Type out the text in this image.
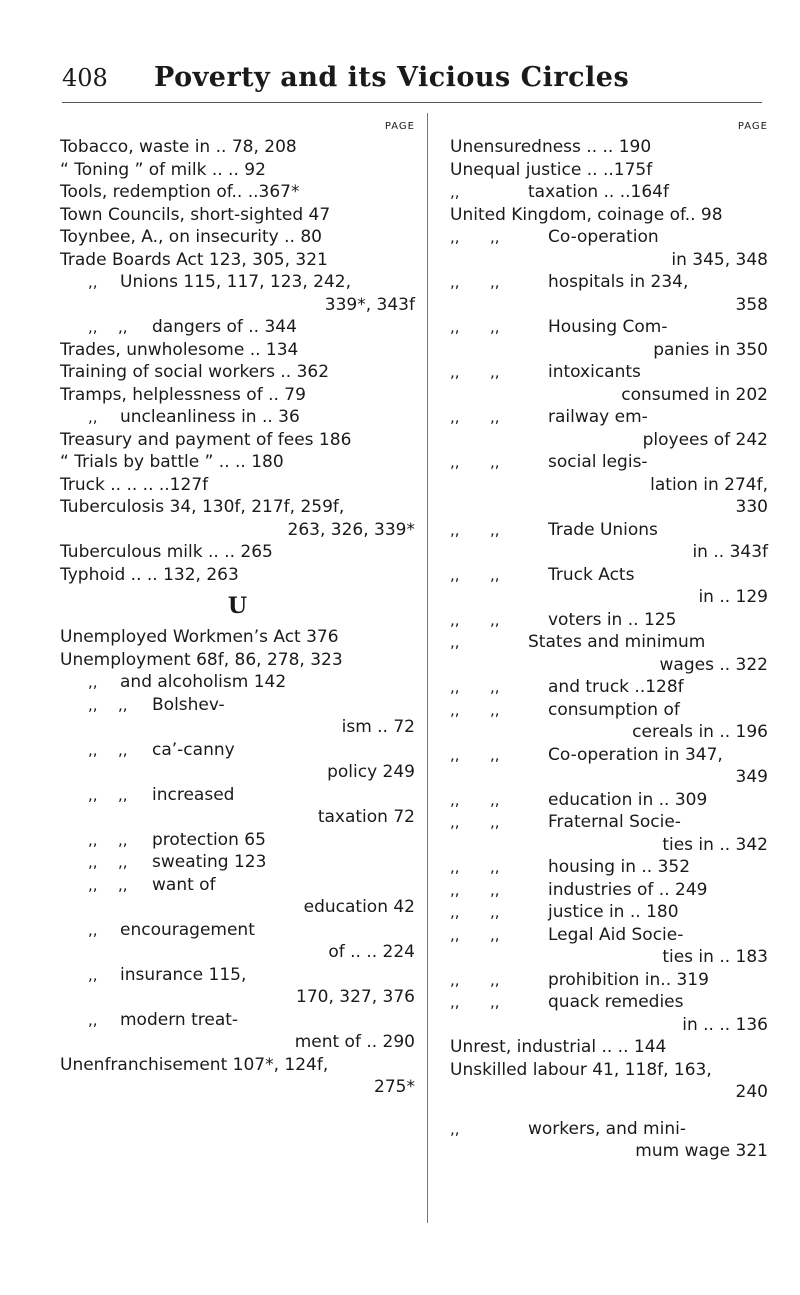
408 Poverty and its Vicious Circles
PAGE
Tobacco, waste in .. 78, 208
“ Toning ” of milk .. .. 92
Tools, redemption of.. ..367*
Town Councils, short-sighted 47
Toynbee, A., on insecurity .. 80
Trade Boards Act 123, 305, 321
,,	Unions 115, 117, 123, 242,
339*, 343f
,, ,,	dangers of .. 344
Trades, unwholesome .. 134
Training of social workers .. 362
Tramps, helplessness of .. 79
,,	uncleanliness in .. 36
Treasury and payment of fees 186
“ Trials by battle ” .. .. 180
Truck .. .. .. ..127f
Tuberculosis 34, 130f, 217f, 259f,
263, 326, 339*
Tuberculous milk .. .. 265
Typhoid .. .. 132, 263
U
Unemployed Workmen’s Act 376
Unemployment 68f, 86, 278, 323
,,	and alcoholism 142
,, ,,	Bolshev-
ism .. 72
,, ,,	ca’-canny
policy 249
,, ,,	increased
taxation 72
,, ,,	protection 65
,, ,,	sweating 123
,, ,,	want of
education 42
,,	encouragement
of .. .. 224
,,	insurance 115,
170, 327, 376
,,	modern treat-
ment of .. 290
Unenfranchisement 107*, 124f,
275*
PAGE
Unensuredness .. .. 190
Unequal justice .. ..175f
,,	taxation .. ..164f
United Kingdom, coinage of.. 98
,, ,,	Co-operation
in 345, 348
,, ,,	hospitals in 234,
358
,, ,,	Housing Com-
panies in 350
,, ,,	intoxicants
consumed in 202
,, ,,	railway em-
ployees of 242
,, ,,	social legis-
lation in 274f,
330
,, ,,	Trade Unions
in .. 343f
,, ,,	Truck Acts
in .. 129
,, ,,	voters in .. 125
,,	States and minimum
wages .. 322
,, ,,	and truck ..128f
,, ,,	consumption of
cereals in .. 196
,, ,,	Co-operation in 347,
349
,, ,,	education in .. 309
,, ,,	Fraternal Socie-
ties in .. 342
,, ,,	housing in .. 352
,, ,,	industries of .. 249
,, ,,	justice in .. 180
,, ,,	Legal Aid Socie-
ties in .. 183
,, ,,	prohibition in.. 319
,, ,,	quack remedies
in .. .. 136
Unrest, industrial .. .. 144
Unskilled labour 41, 118f, 163,
240
,,	workers, and mini-
mum wage 321
